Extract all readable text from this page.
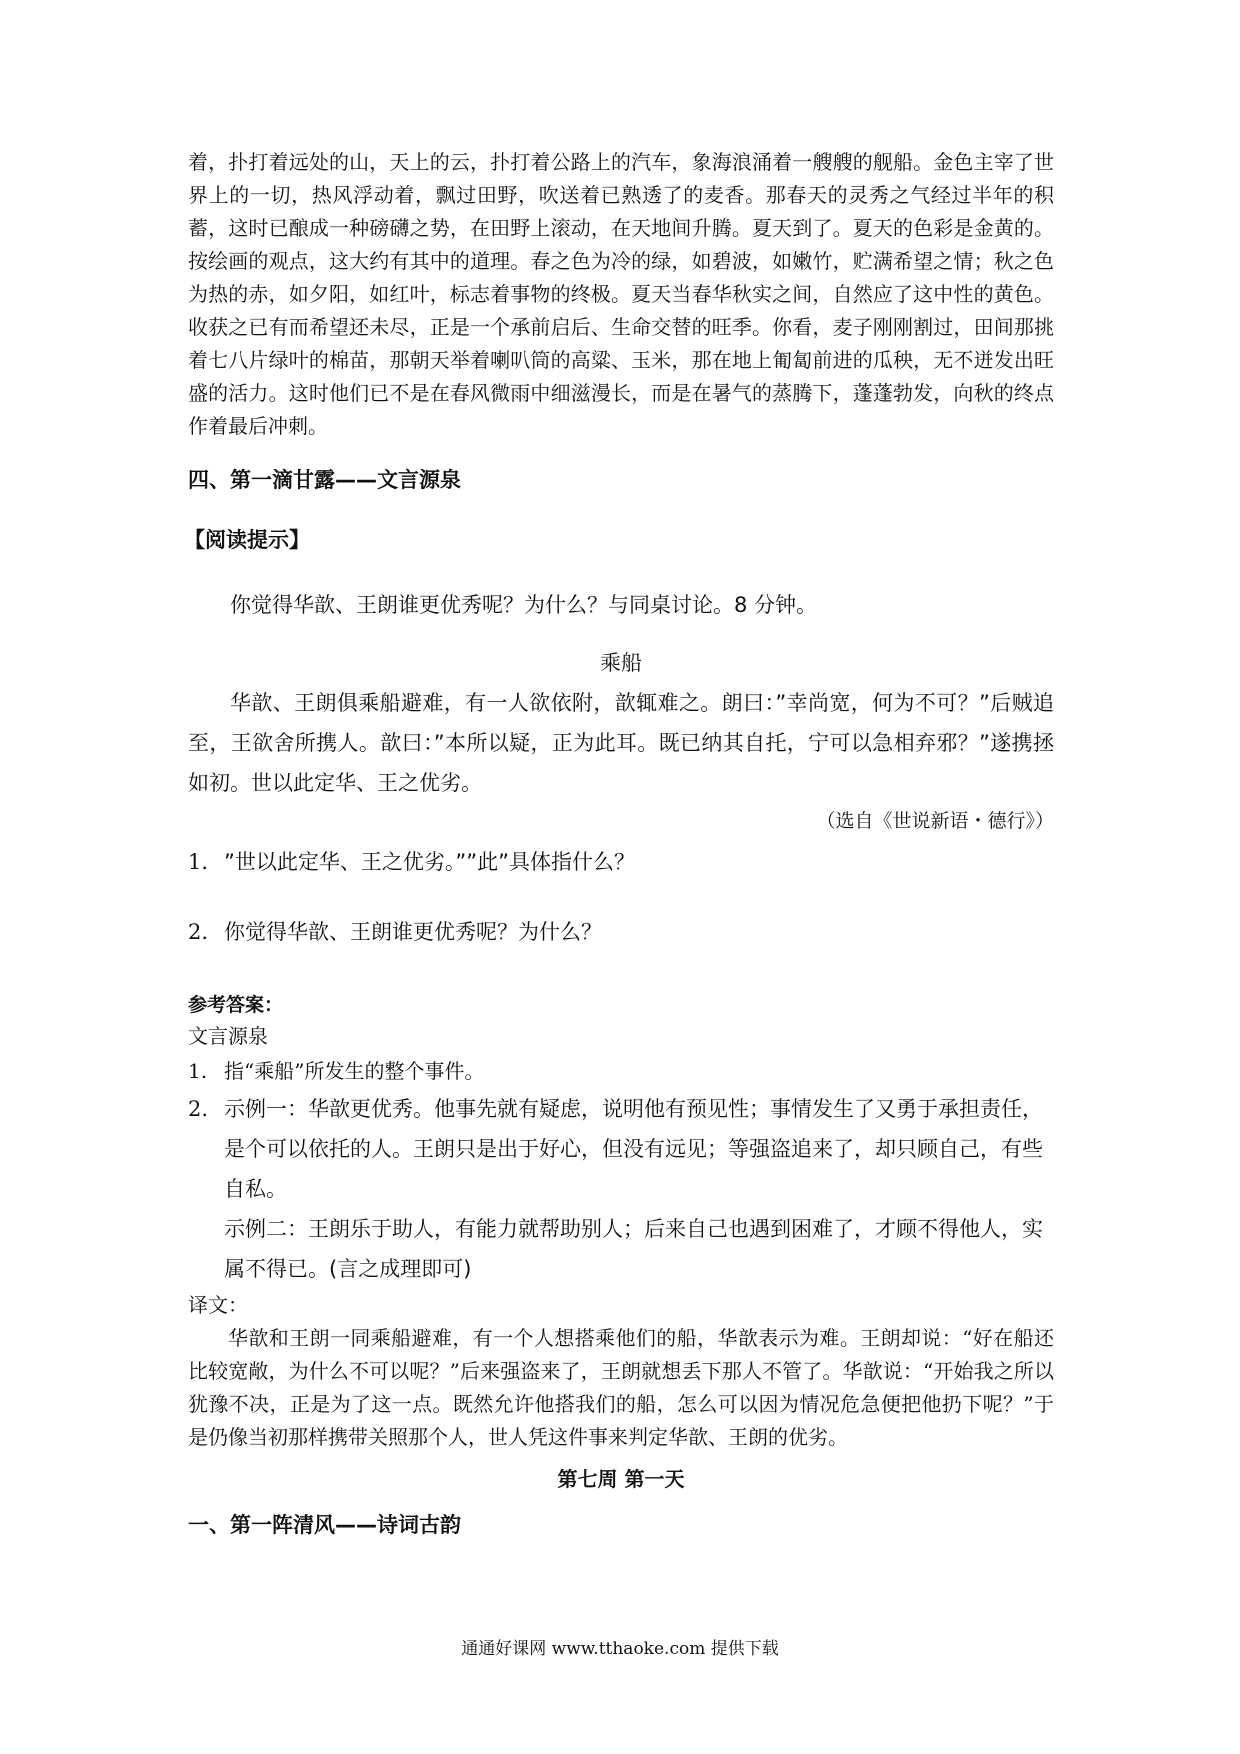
着，扑打着远处的山，天上的云，扑打着公路上的汽车，象海浪涌着一艘艘的舰船。金色主宰了世界上的一切，热风浮动着，飘过田野，吹送着已熟透了的麦香。那春天的灵秀之气经过半年的积蓄，这时已酿成一种磅礴之势，在田野上滚动，在天地间升腾。夏天到了。夏天的色彩是金黄的。按绘画的观点，这大约有其中的道理。春之色为冷的绿，如碧波，如嫩竹，贮满希望之情；秋之色为热的赤，如夕阳，如红叶，标志着事物的终极。夏天当春华秋实之间，自然应了这中性的黄色。收获之已有而希望还未尽，正是一个承前启后、生命交替的旺季。你看，麦子刚刚割过，田间那挑着七八片绿叶的棉苗，那朝天举着喇叭筒的高粱、玉米，那在地上匍匐前进的瓜秧，无不迸发出旺盛的活力。这时他们已不是在春风微雨中细滋漫长，而是在暑气的蒸腾下，蓬蓬勃发，向秋的终点作着最后冲刺。

四、第一滴甘露——文言源泉

【阅读提示】

你觉得华歆、王朗谁更优秀呢？为什么？与同桌讨论。8 分钟。

乘船

华歆、王朗俱乘船避难，有一人欲依附，歆辄难之。朗曰：”幸尚宽，何为不可？”后贼追至，王欲舍所携人。歆曰：”本所以疑，正为此耳。既已纳其自托，宁可以急相弃邪？”遂携拯如初。世以此定华、王之优劣。

（选自《世说新语・德行》）

1. ”世以此定华、王之优劣。””此”具体指什么？

2. 你觉得华歆、王朗谁更优秀呢？为什么？

参考答案：

文言源泉

1. 指“乘船”所发生的整个事件。

2. 示例一：华歆更优秀。他事先就有疑虑，说明他有预见性；事情发生了又勇于承担责任，是个可以依托的人。王朗只是出于好心，但没有远见；等强盗追来了，却只顾自己，有些自私。

示例二：王朗乐于助人，有能力就帮助别人；后来自己也遇到困难了，才顾不得他人，实属不得已。(言之成理即可)

译文：

华歆和王朗一同乘船避难，有一个人想搭乘他们的船，华歆表示为难。王朗却说：“好在船还比较宽敞，为什么不可以呢？”后来强盗来了，王朗就想丢下那人不管了。华歆说：“开始我之所以犹豫不决，正是为了这一点。既然允许他搭我们的船，怎么可以因为情况危急便把他扔下呢？”于是仍像当初那样携带关照那个人，世人凭这件事来判定华歆、王朗的优劣。

第七周 第一天

一、第一阵清风——诗词古韵

通通好课网 www.tthaoke.com 提供下载
